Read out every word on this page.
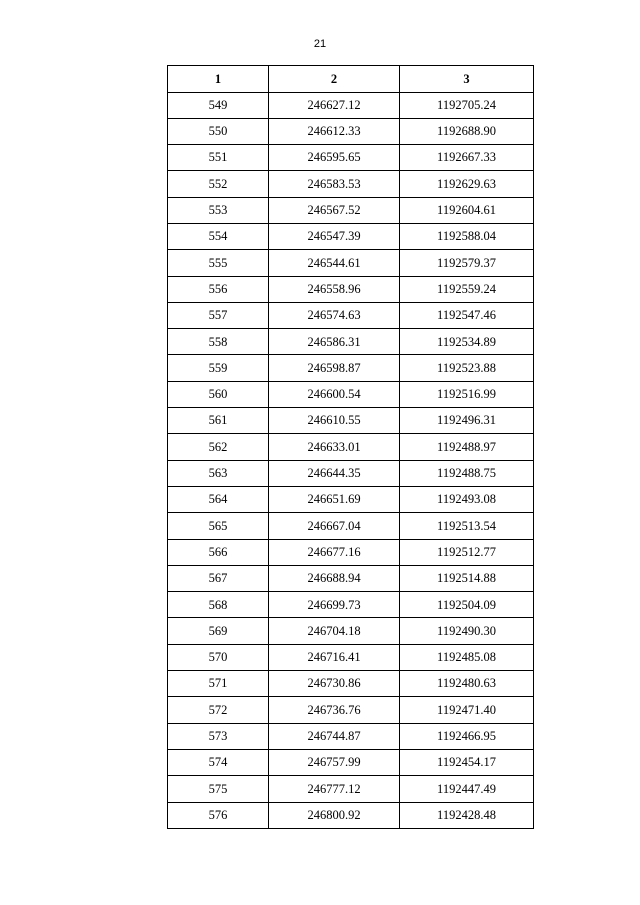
21
1	2	3
549	246627.12	1192705.24
550	246612.33	1192688.90
551	246595.65	1192667.33
552	246583.53	1192629.63
553	246567.52	1192604.61
554	246547.39	1192588.04
555	246544.61	1192579.37
556	246558.96	1192559.24
557	246574.63	1192547.46
558	246586.31	1192534.89
559	246598.87	1192523.88
560	246600.54	1192516.99
561	246610.55	1192496.31
562	246633.01	1192488.97
563	246644.35	1192488.75
564	246651.69	1192493.08
565	246667.04	1192513.54
566	246677.16	1192512.77
567	246688.94	1192514.88
568	246699.73	1192504.09
569	246704.18	1192490.30
570	246716.41	1192485.08
571	246730.86	1192480.63
572	246736.76	1192471.40
573	246744.87	1192466.95
574	246757.99	1192454.17
575	246777.12	1192447.49
576	246800.92	1192428.48
